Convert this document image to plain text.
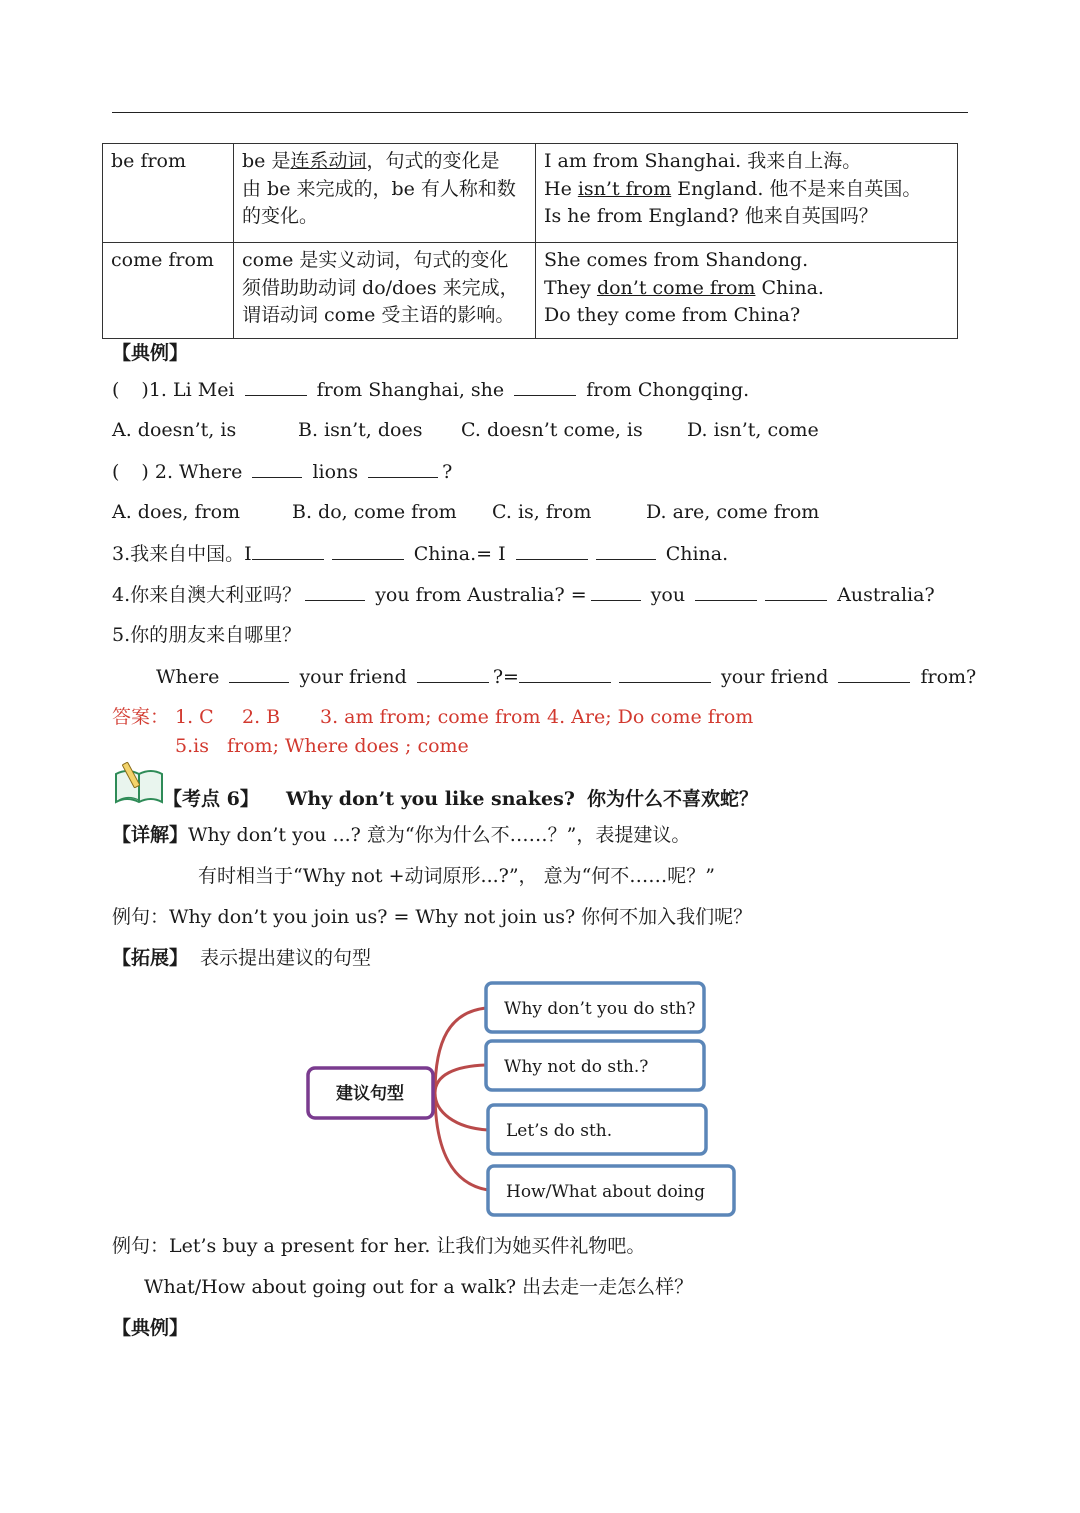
be from	be 是连系动词，句式的变化是
由 be 来完成的，be 有人称和数
的变化。	I am from Shanghai. 我来自上海。
He isn’t from England. 他不是来自英国。
Is he from England? 他来自英国吗？

come from	come 是实义动词，句式的变化
须借助助动词 do/does 来完成，
谓语动词 come 受主语的影响。	She comes from Shandong.
They don’t come from China.
Do they come from China?
【典例】
( )1. Li Mei	from Shanghai, she	from Chongqing.
A. doesn’t, is	B. isn’t, does C. doesn’t come, is D. isn’t, come
( ) 2. Where	lions	?
A. does, from	B. do, come from C. is, from	D. are, come from
3.我来自中国。I	China.= I	China.
4.你来自澳大利亚吗？	you from Australia? =	you	Australia?
5.你的朋友来自哪里？
Where	your friend	?=	your friend	from?
答案： 1. C 2. B 3. am from; come from 4. Are; Do come from
5.is from; Where does ; come
【考点 6】 Why don’t you like snakes? 你为什么不喜欢蛇？
【详解】Why don’t you ...? 意为“你为什么不……？”，表提建议。
有时相当于“Why not +动词原形...?”， 意为“何不……呢？”
例句：Why don’t you join us? = Why not join us? 你何不加入我们呢？
【拓展】 表示提出建议的句型
建议句型
Why don’t you do sth?
Why not do sth.?
Let’s do sth.
How/What about doing
例句：Let’s buy a present for her. 让我们为她买件礼物吧。
What/How about going out for a walk? 出去走一走怎么样？
【典例】
